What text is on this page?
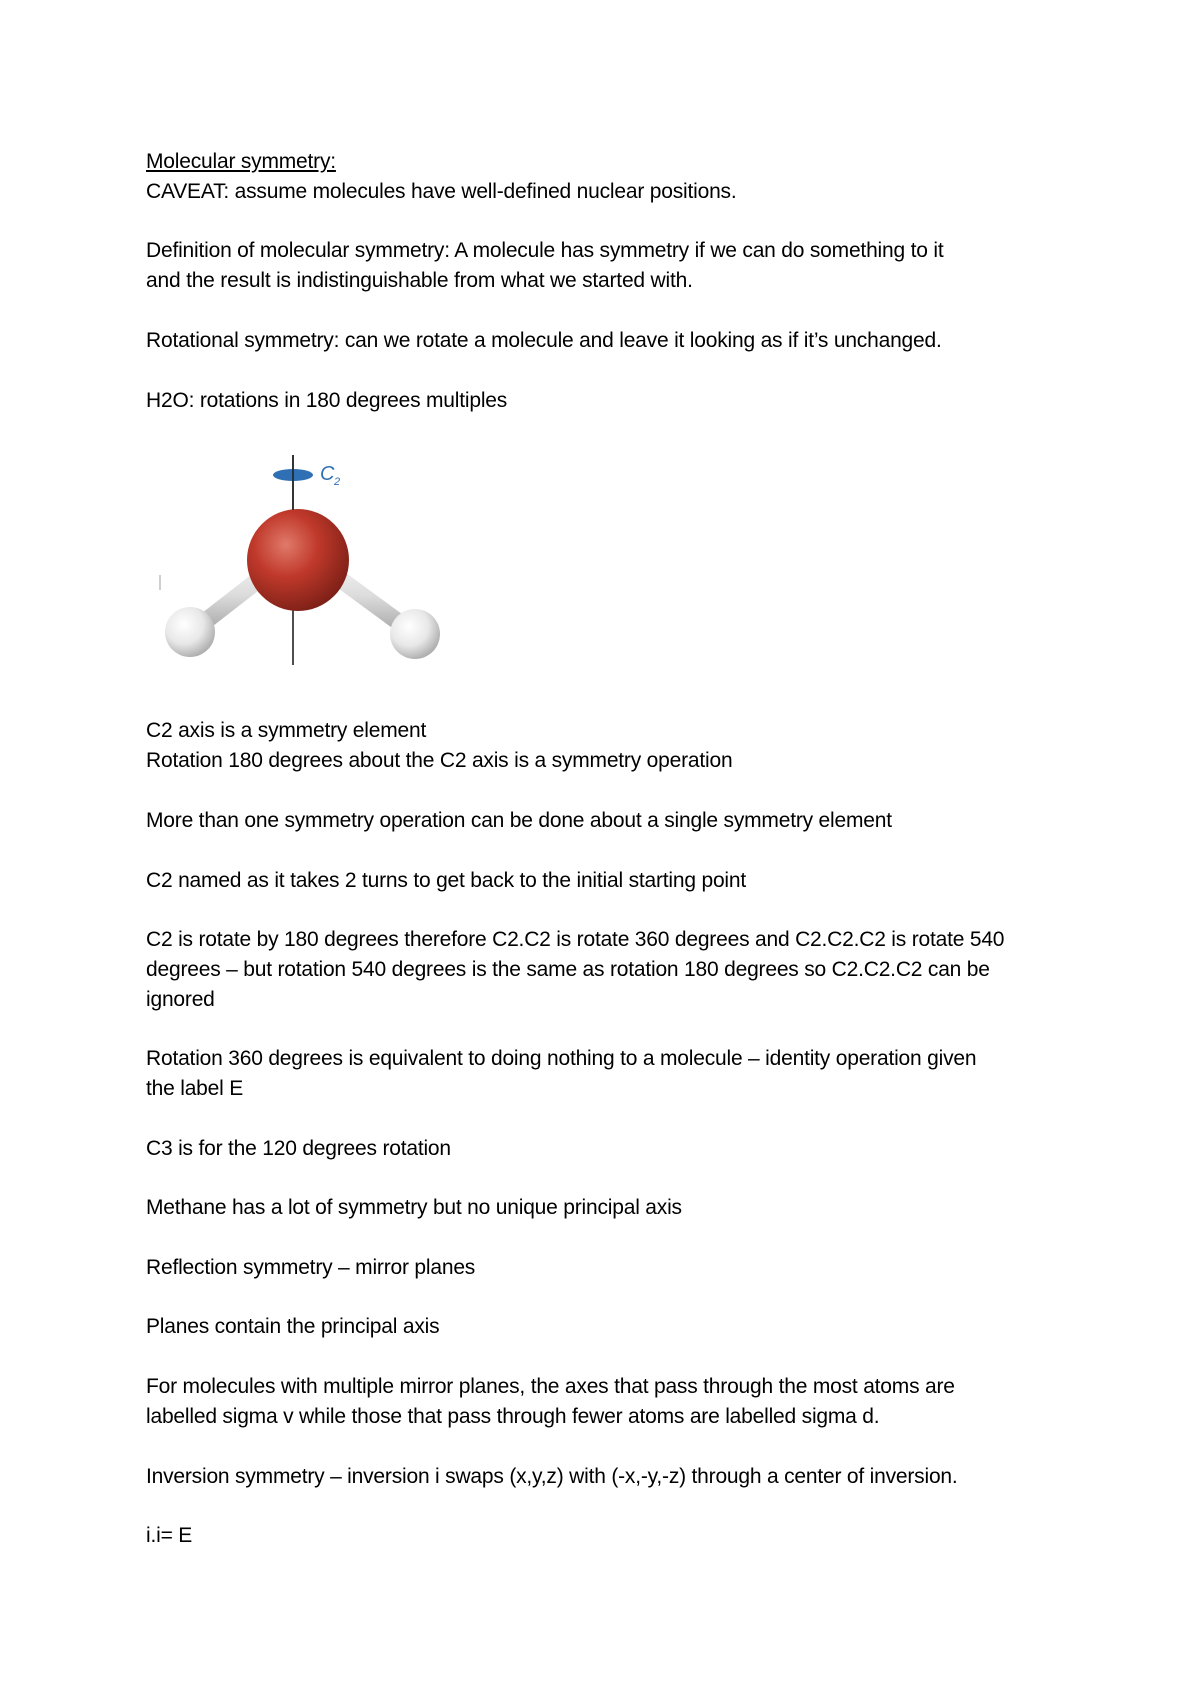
Molecular symmetry:
CAVEAT: assume molecules have well-defined nuclear positions.
Definition of molecular symmetry: A molecule has symmetry if we can do something to it
and the result is indistinguishable from what we started with.
Rotational symmetry: can we rotate a molecule and leave it looking as if it’s unchanged.
H2O: rotations in 180 degrees multiples
C2 axis is a symmetry element
Rotation 180 degrees about the C2 axis is a symmetry operation
More than one symmetry operation can be done about a single symmetry element
C2 named as it takes 2 turns to get back to the initial starting point
C2 is rotate by 180 degrees therefore C2.C2 is rotate 360 degrees and C2.C2.C2 is rotate 540
degrees – but rotation 540 degrees is the same as rotation 180 degrees so C2.C2.C2 can be
ignored
Rotation 360 degrees is equivalent to doing nothing to a molecule – identity operation given
the label E
C3 is for the 120 degrees rotation
Methane has a lot of symmetry but no unique principal axis
Reflection symmetry – mirror planes
Planes contain the principal axis
For molecules with multiple mirror planes, the axes that pass through the most atoms are
labelled sigma v while those that pass through fewer atoms are labelled sigma d.
Inversion symmetry – inversion i swaps (x,y,z) with (-x,-y,-z) through a center of inversion.
i.i= E
C 2
